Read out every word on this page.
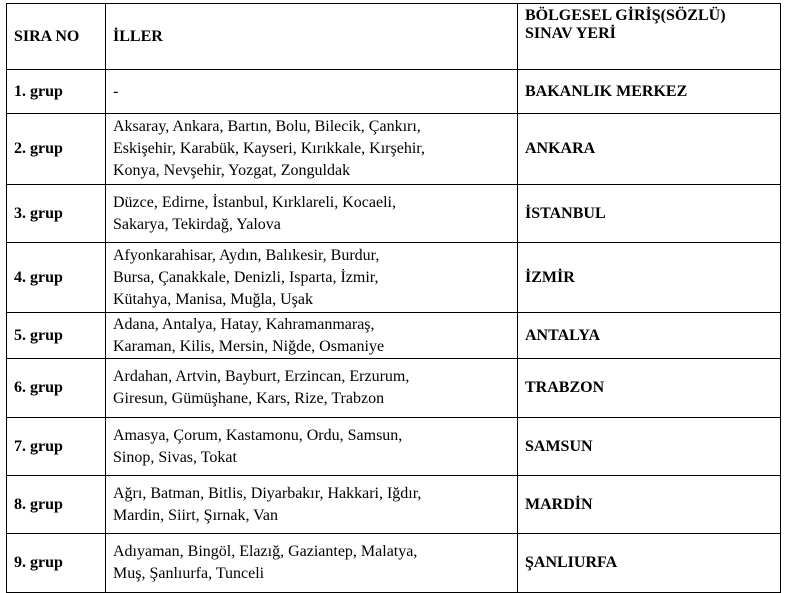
SIRA NO	İLLER	BÖLGESEL GİRİŞ(SÖZLÜ)
SINAV YERİ
1. grup	-	BAKANLIK MERKEZ
2. grup	Aksaray, Ankara, Bartın, Bolu, Bilecik, Çankırı,
Eskişehir, Karabük, Kayseri, Kırıkkale, Kırşehir,
Konya, Nevşehir, Yozgat, Zonguldak	ANKARA
3. grup	Düzce, Edirne, İstanbul, Kırklareli, Kocaeli,
Sakarya, Tekirdağ, Yalova	İSTANBUL
4. grup	Afyonkarahisar, Aydın, Balıkesir, Burdur,
Bursa, Çanakkale, Denizli, Isparta, İzmir,
Kütahya, Manisa, Muğla, Uşak	İZMİR
5. grup	Adana, Antalya, Hatay, Kahramanmaraş,
Karaman, Kilis, Mersin, Niğde, Osmaniye	ANTALYA
6. grup	Ardahan, Artvin, Bayburt, Erzincan, Erzurum,
Giresun, Gümüşhane, Kars, Rize, Trabzon	TRABZON
7. grup	Amasya, Çorum, Kastamonu, Ordu, Samsun,
Sinop, Sivas, Tokat	SAMSUN
8. grup	Ağrı, Batman, Bitlis, Diyarbakır, Hakkari, Iğdır,
Mardin, Siirt, Şırnak, Van	MARDİN
9. grup	Adıyaman, Bingöl, Elazığ, Gaziantep, Malatya,
Muş, Şanlıurfa, Tunceli	ŞANLIURFA
